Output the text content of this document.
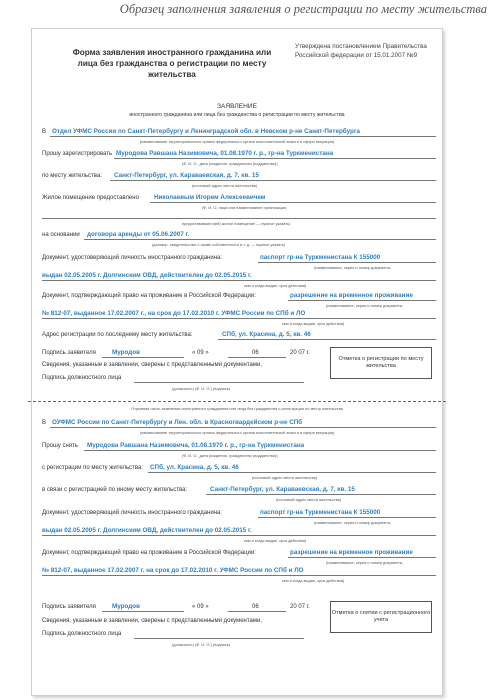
Образец заполнения заявления о регистрации по месту жительства
Форма заявления иностранного гражданина или лица без гражданства о регистрации по месту жительства
Утверждена постановлением Правительства Российской федерации от 15.01.2007 №9
ЗАЯВЛЕНИЕ
иностранного гражданина или лица без гражданства о регистрации по месту жительства
В Отдел УФМС России по Санкт-Петербургу и Ленинградской обл. в Невском р-не Санкт-Петербурга
(наименование территориального органа федерального органа исполнительной власти в сфере миграции)
Прошу зарегистрировать Муродова Равшана Назимовича, 01.08.1970 г. р., гр-на Туркменистана
(Ф. И. О., дата рождения, гражданство (подданство))
по месту жительства: Санкт-Петербург, ул. Караваевская, д. 7, кв. 15
(почтовый адрес места жительства)
Жилое помещение предоставлено Николаевым Игорем Алексеевичем
(Ф. И. О. лица или наименование организации,
предоставившего(ей) жилое помещение — нужное указать)
на основании договора аренды от 05.06.2007 г.
(договор, свидетельство о праве собственности и т. д. — нужное указать)
Документ, удостоверяющий личность иностранного гражданина:	паспорт гр-на Туркменистана К 155000
(наименование, серия и номер документа,
выдан 02.05.2005 г. Долгинским ОВД, действителен до 02.05.2015 г.
кем и когда выдан, срок действия)
Документ, подтверждающий право на проживание в Российской Федерации:	разрешение на временное проживание
(наименование, серия и номер документа,
№ 812-07, выданное 17.02.2007 г., на срок до 17.02.2010 г. УФМС России по СПб и ЛО
кем и когда выдан, срок действия)
Адрес регистрации по последнему месту жительства:	СПб, ул. Красина, д. 5, кв. 46
Подпись заявителя	Муродов	« 09 »	06	20 07 г.
Сведения, указанные в заявлении, сверены с представленными документами,
Подпись должностного лица
(должность) (Ф. И. О.) (подпись)
Отметка о регистрации по месту жительства
Отрывная часть заявления иностранного гражданина или лица без гражданства о регистрации по месту жительства
В ОУФМС России по Санкт-Петербургу и Лен. обл. в Красногвардейском р-не СПб
(наименование территориального органа федерального органа исполнительной власти в сфере миграции)
Прошу снять Муродова Равшана Назимовича, 01.08.1970 г. р., гр-на Туркменистана
(Ф. И. О., дата рождения, гражданство (подданство))
с регистрации по месту жительства: СПб, ул. Красина, д. 5, кв. 46
(почтовый адрес места жительства)
в связи с регистрацией по иному месту жительства:	Санкт-Петербург, ул. Караваевская, д. 7, кв. 15
(почтовый адрес места жительства)
Документ, удостоверяющий личность иностранного гражданина:	паспорт гр-на Туркменистана К 155000
(наименование, серия и номер документа,
выдан 02.05.2005 г. Долгинским ОВД, действителен до 02.05.2015 г.
кем и когда выдан, срок действия)
Документ, подтверждающий право на проживание в Российской Федерации:	разрешение на временное проживание
(наименование, серия и номер документа,
№ 812-07, выданное 17.02.2007 г. на срок до 17.02.2010 г. УФМС России по СПб и ЛО
кем и когда выдан, срок действия)
Подпись заявителя	Муродов	« 09 »	06	20 07 г.
Сведения, указанные в заявлении, сверены с представленными документами,
Подпись должностного лица
(должность) (Ф. И. О.) (подпись)
Отметка о снятии с регистрационного учета
